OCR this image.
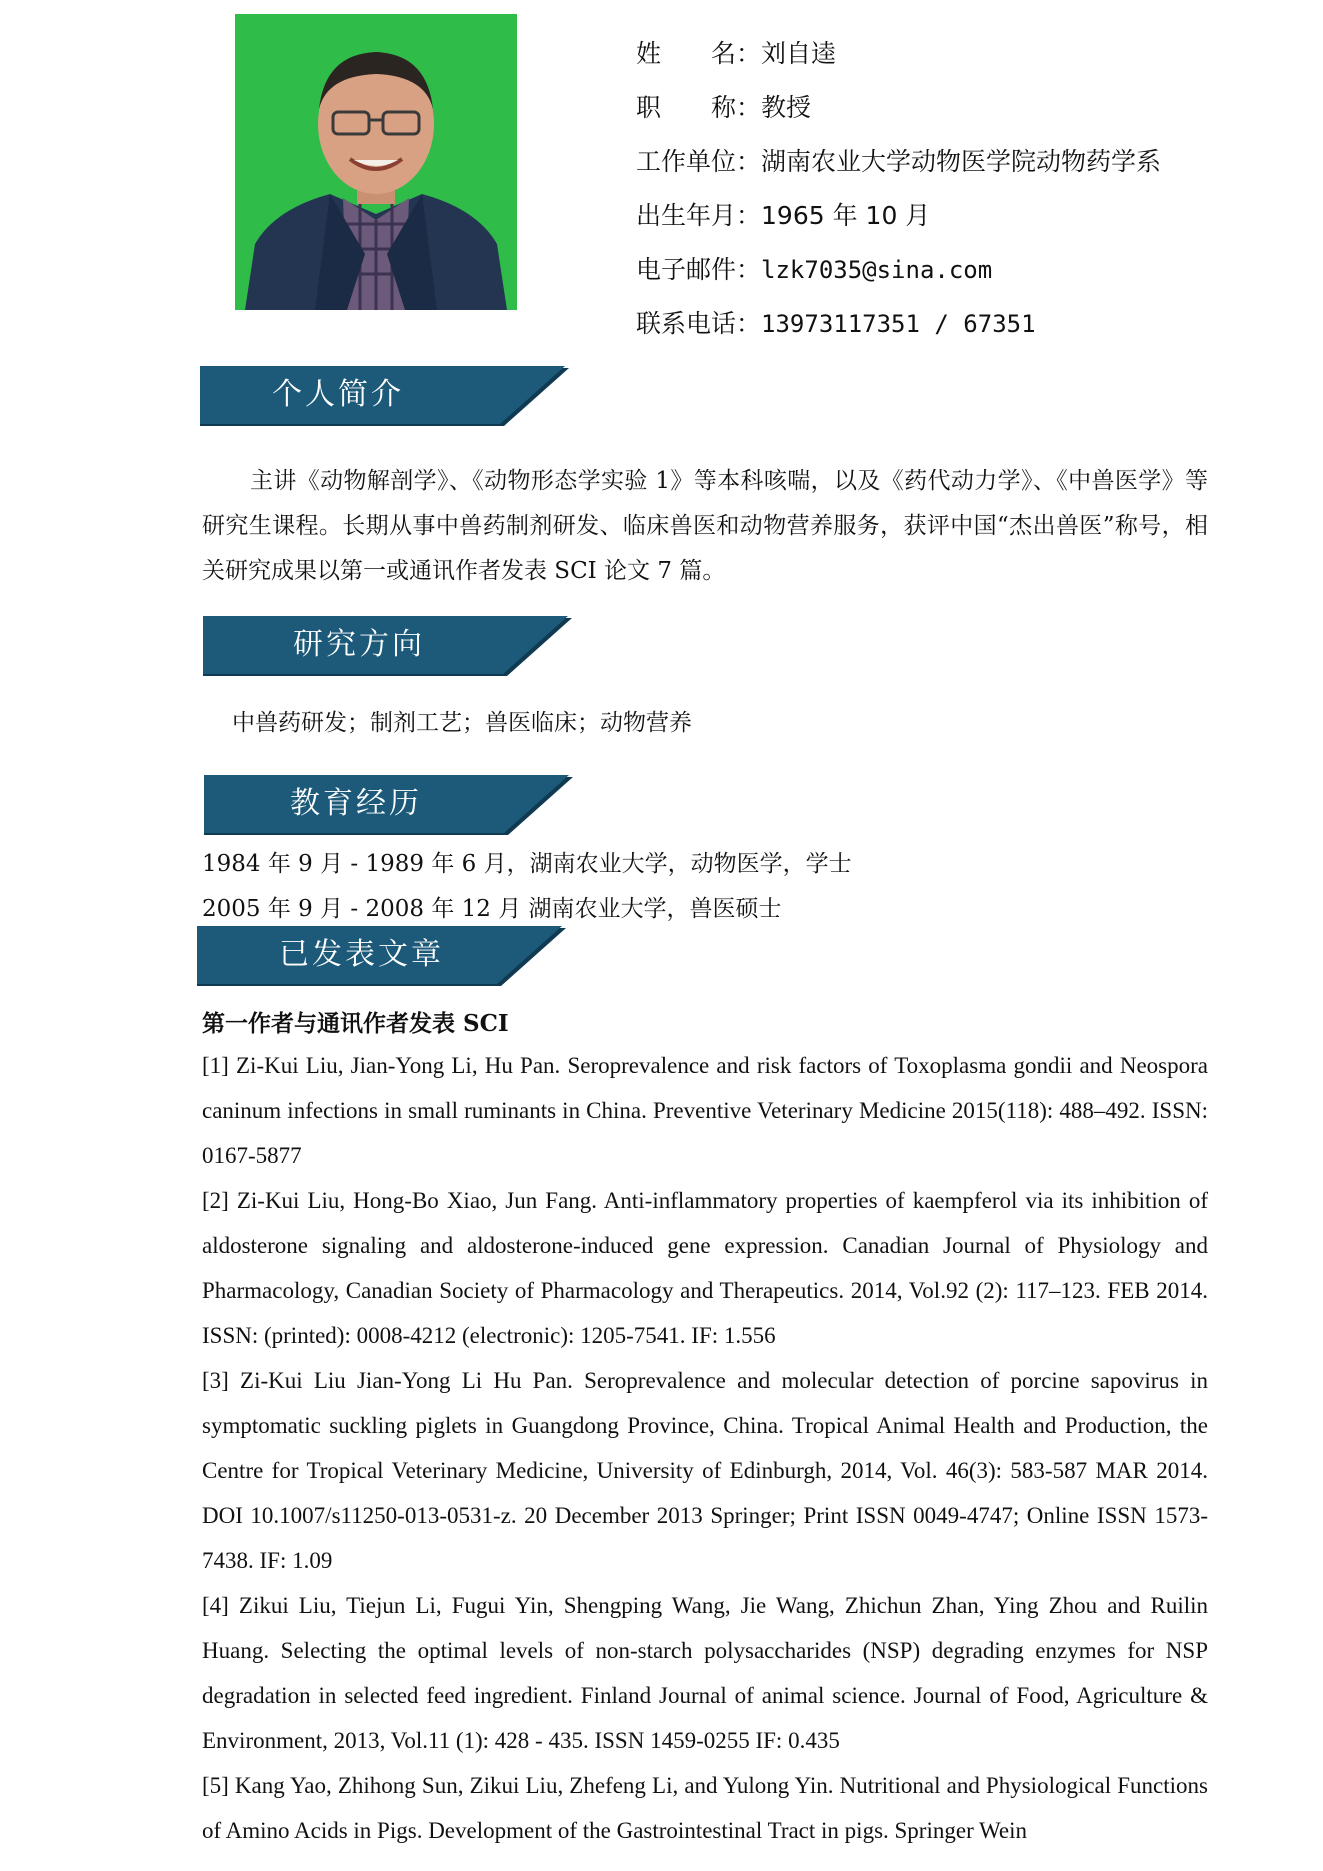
姓　　名：刘自逵
职　　称：教授
工作单位：湖南农业大学动物医学院动物药学系
出生年月：1965 年 10 月
电子邮件：lzk7035@sina.com
联系电话：13973117351 / 67351
个人简介

主讲《动物解剖学》、《动物形态学实验 1》等本科咳喘，以及《药代动力学》、《中兽医学》等研究生课程。长期从事中兽药制剂研发、临床兽医和动物营养服务，获评中国“杰出兽医”称号，相关研究成果以第一或通讯作者发表 SCI 论文 7 篇。

研究方向
中兽药研发；制剂工艺；兽医临床；动物营养
教育经历
1984 年 9 月 - 1989 年 6 月，湖南农业大学，动物医学，学士
2005 年 9 月 - 2008 年 12 月 湖南农业大学，兽医硕士
已发表文章
第一作者与通讯作者发表 SCI

[1] Zi-Kui Liu, Jian-Yong Li, Hu Pan. Seroprevalence and risk factors of Toxoplasma gondii and Neospora caninum infections in small ruminants in China. Preventive Veterinary Medicine 2015(118): 488–492. ISSN: 0167-5877

[2] Zi-Kui Liu, Hong-Bo Xiao, Jun Fang. Anti-inflammatory properties of kaempferol via its inhibition of aldosterone signaling and aldosterone-induced gene expression. Canadian Journal of Physiology and Pharmacology, Canadian Society of Pharmacology and Therapeutics. 2014, Vol.92 (2): 117–123. FEB 2014. ISSN: (printed): 0008-4212 (electronic): 1205-7541. IF: 1.556

[3] Zi-Kui Liu Jian-Yong Li Hu Pan. Seroprevalence and molecular detection of porcine sapovirus in symptomatic suckling piglets in Guangdong Province, China. Tropical Animal Health and Production, the Centre for Tropical Veterinary Medicine, University of Edinburgh, 2014, Vol. 46(3): 583-587 MAR 2014. DOI 10.1007/s11250-013-0531-z. 20 December 2013 Springer; Print ISSN 0049-4747; Online ISSN 1573-7438. IF: 1.09

[4] Zikui Liu, Tiejun Li, Fugui Yin, Shengping Wang, Jie Wang, Zhichun Zhan, Ying Zhou and Ruilin Huang. Selecting the optimal levels of non-starch polysaccharides (NSP) degrading enzymes for NSP degradation in selected feed ingredient. Finland Journal of animal science. Journal of Food, Agriculture & Environment, 2013, Vol.11 (1): 428 - 435. ISSN 1459-0255 IF: 0.435

[5] Kang Yao, Zhihong Sun, Zikui Liu, Zhefeng Li, and Yulong Yin. Nutritional and Physiological Functions of Amino Acids in Pigs. Development of the Gastrointestinal Tract in pigs. Springer Wein
